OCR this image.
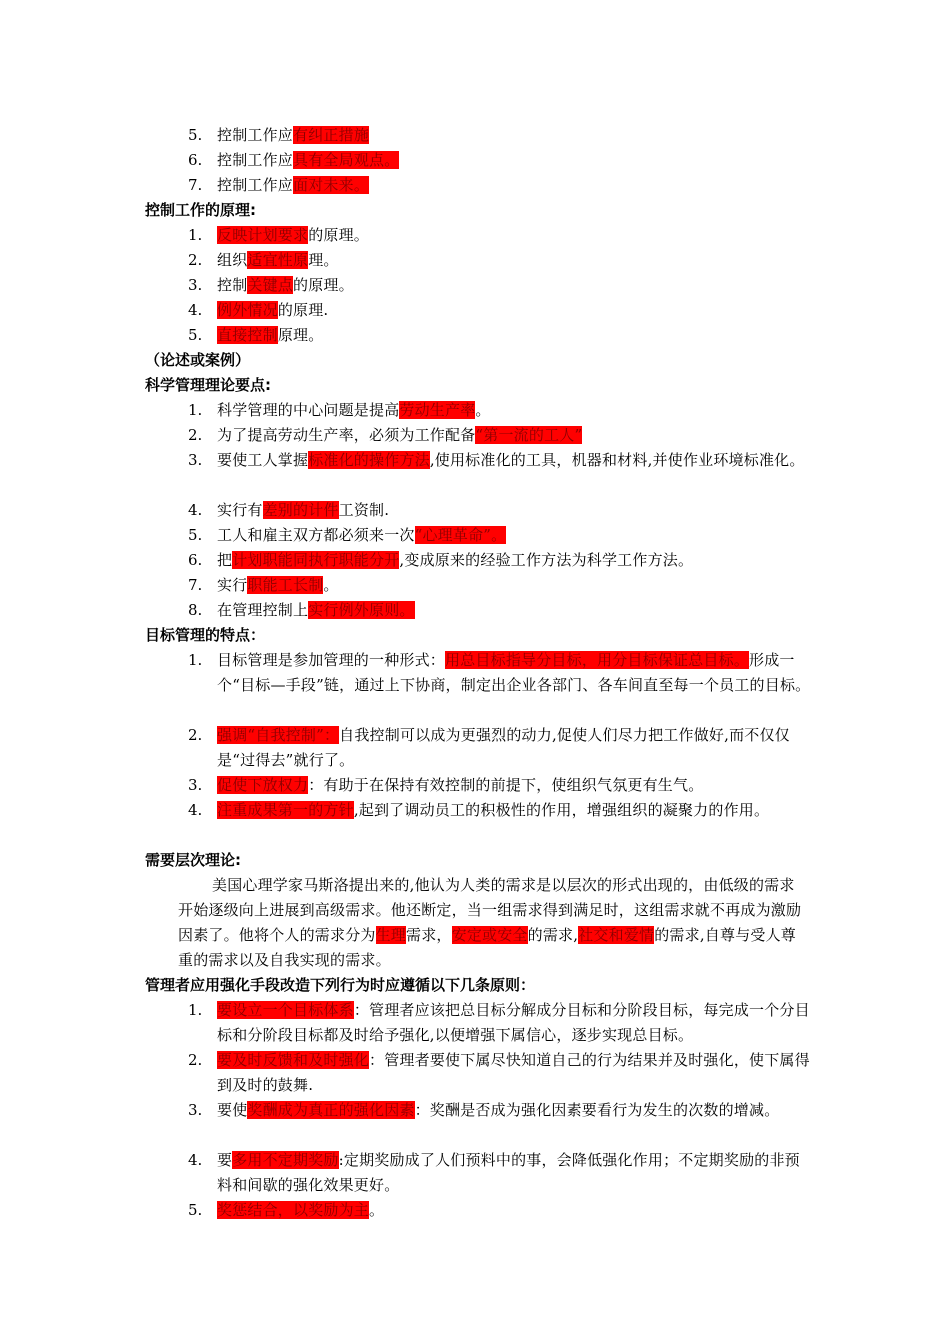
5. 控制工作应有纠正措施
6. 控制工作应具有全局观点。
7. 控制工作应面对未来。
控制工作的原理:
1. 反映计划要求的原理。
2. 组织适宜性原理。
3. 控制关键点的原理。
4. 例外情况的原理.
5. 直接控制原理。
（论述或案例）
科学管理理论要点:
1. 科学管理的中心问题是提高劳动生产率。
2. 为了提高劳动生产率，必须为工作配备“第一流的工人”
3. 要使工人掌握标准化的操作方法,使用标准化的工具，机器和材料,并使作业环境标准化。
4. 实行有差别的计件工资制.
5. 工人和雇主双方都必须来一次“心理革命”。
6. 把计划职能同执行职能分开,变成原来的经验工作方法为科学工作方法。
7. 实行职能工长制。
8. 在管理控制上实行例外原则。
目标管理的特点：
1. 目标管理是参加管理的一种形式：用总目标指导分目标，用分目标保证总目标。形成一个“目标—手段”链，通过上下协商，制定出企业各部门、各车间直至每一个员工的目标。
2. 强调“自我控制”：自我控制可以成为更强烈的动力,促使人们尽力把工作做好,而不仅仅是“过得去”就行了。
3. 促使下放权力：有助于在保持有效控制的前提下，使组织气氛更有生气。
4. 注重成果第一的方针,起到了调动员工的积极性的作用，增强组织的凝聚力的作用。
需要层次理论:
美国心理学家马斯洛提出来的,他认为人类的需求是以层次的形式出现的，由低级的需求开始逐级向上进展到高级需求。他还断定，当一组需求得到满足时，这组需求就不再成为激励因素了。他将个人的需求分为生理需求，安定或安全的需求,社交和爱情的需求,自尊与受人尊重的需求以及自我实现的需求。
管理者应用强化手段改造下列行为时应遵循以下几条原则：
1. 要设立一个目标体系：管理者应该把总目标分解成分目标和分阶段目标，每完成一个分目标和分阶段目标都及时给予强化,以便增强下属信心，逐步实现总目标。
2. 要及时反馈和及时强化：管理者要使下属尽快知道自己的行为结果并及时强化，使下属得到及时的鼓舞.
3. 要使奖酬成为真正的强化因素：奖酬是否成为强化因素要看行为发生的次数的增减。
4. 要多用不定期奖励:定期奖励成了人们预料中的事，会降低强化作用；不定期奖励的非预料和间歇的强化效果更好。
5. 奖惩结合，以奖励为主。
